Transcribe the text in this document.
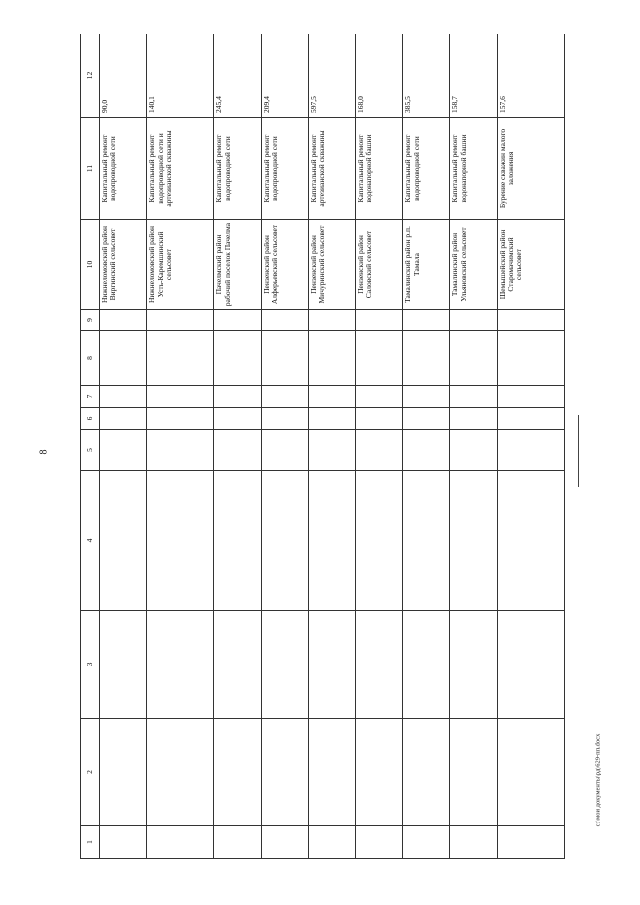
8
c:\мои документы\рд\629-пп.docx
1	2	3	4	5	6	7	8	9	10	11	12
									Нижнеломовский район Виргинский сельсовет	Капитальный ремонт водопроводной сети	90,0
									Нижнеломовский район Усть-Каремшинский сельсовет	Капитальный ремонт водопроводной сети и артезианской скважины	140,1
									Пачелмский район рабочий поселок Пачелма	Капитальный ремонт водопроводной сети	245,4
									Пензенский район Алферьевский сельсовет	Капитальный ремонт водопроводной сети	209,4
									Пензенский район Мичуринский сельсовет	Капитальный ремонт артезианской скважины	597,5
									Пензенский район Саловский сельсовет	Капитальный ремонт водонапорной башни	168,0
									Тамалинский район р.п. Тамала	Капитальный ремонт водопроводной сети	385,5
									Тамалинский район Ульяновский сельсовет	Капитальный ремонт водонапорной башни	158,7
									Шемышейский район Старомачимский сельсовет	Бурение скважин малого заложения	157,6
